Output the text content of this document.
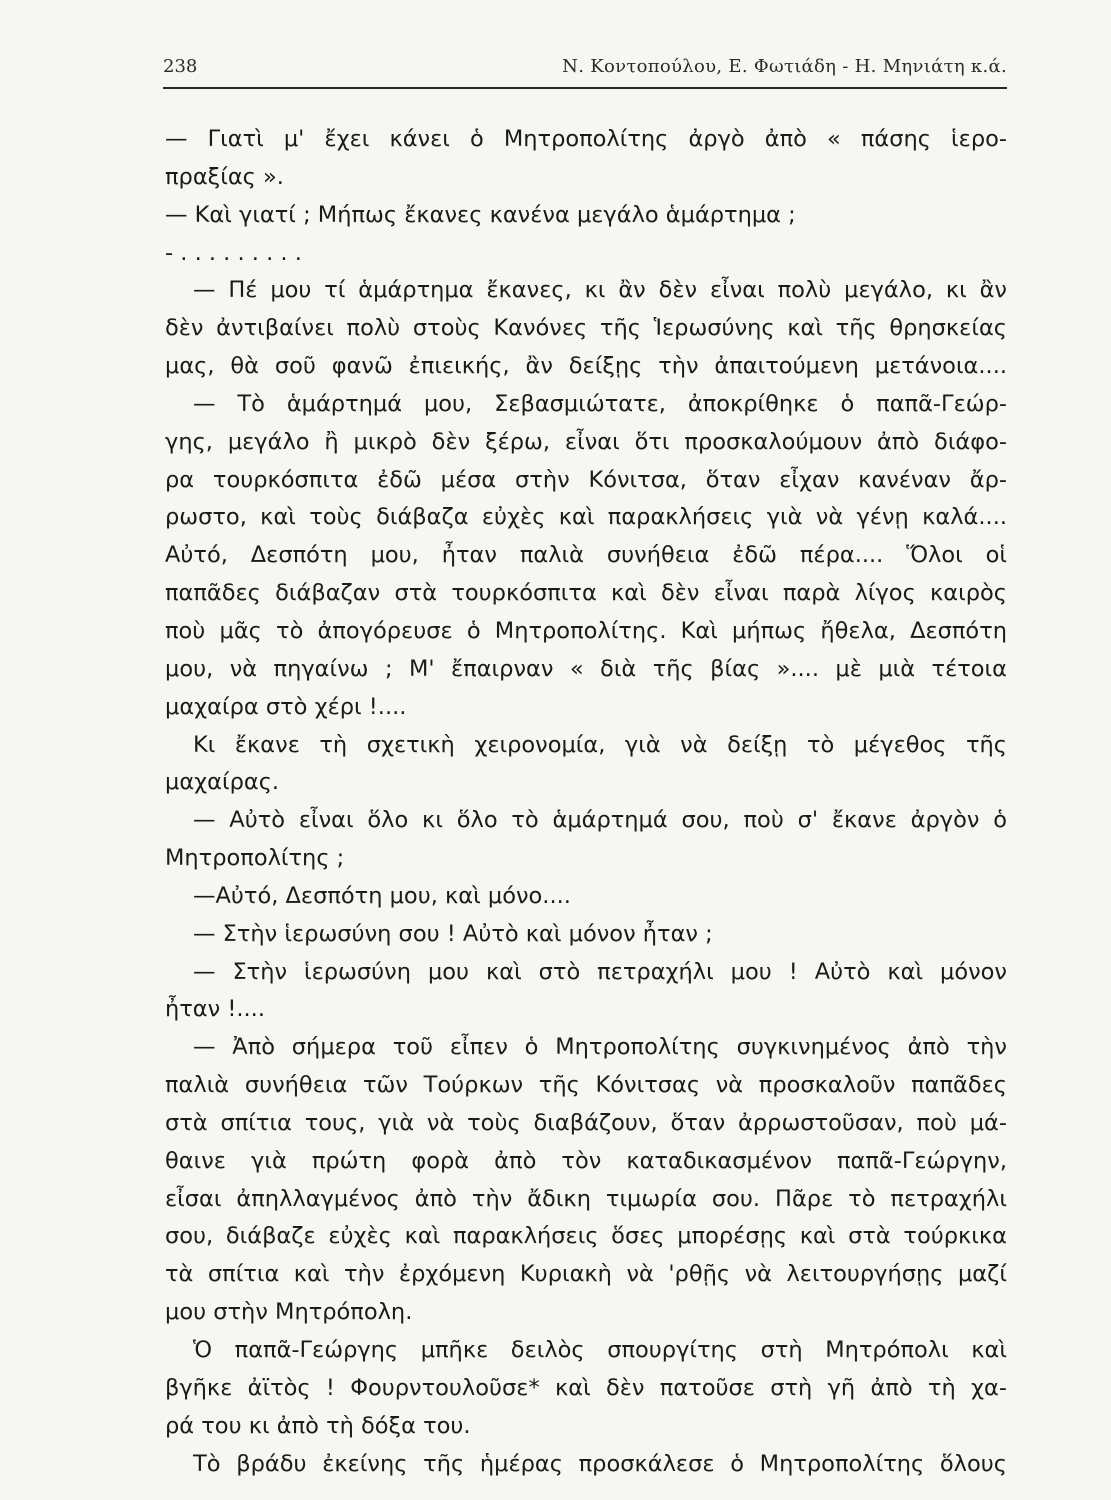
238	Ν. Κοντοπούλου, Ε. Φωτιάδη - Η. Μηνιάτη κ.ά.
— Γιατὶ μ' ἔχει κάνει ὁ Μητροπολίτης ἀργὸ ἀπὸ « πάσης ἱερο-
πραξίας ».
— Καὶ γιατί ; Μήπως ἔκανες κανένα μεγάλο ἁμάρτημα ;
- . . . . . . . . .
— Πέ μου τί ἁμάρτημα ἔκανες, κι ἂν δὲν εἶναι πολὺ μεγάλο, κι ἂν
δὲν ἀντιβαίνει πολὺ στοὺς Κανόνες τῆς Ἱερωσύνης καὶ τῆς θρησκείας
μας, θὰ σοῦ φανῶ ἐπιεικής, ἂν δείξῃς τὴν ἀπαιτούμενη μετάνοια....
— Τὸ ἁμάρτημά μου, Σεβασμιώτατε, ἀποκρίθηκε ὁ παπᾶ-Γεώρ-
γης, μεγάλο ἢ μικρὸ δὲν ξέρω, εἶναι ὅτι προσκαλούμουν ἀπὸ διάφο-
ρα τουρκόσπιτα ἐδῶ μέσα στὴν Κόνιτσα, ὅταν εἶχαν κανέναν ἄρ-
ρωστο, καὶ τοὺς διάβαζα εὐχὲς καὶ παρακλήσεις γιὰ νὰ γένῃ καλά....
Αὐτό, Δεσπότη μου, ἦταν παλιὰ συνήθεια ἐδῶ πέρα.... Ὅλοι οἱ
παπᾶδες διάβαζαν στὰ τουρκόσπιτα καὶ δὲν εἶναι παρὰ λίγος καιρὸς
ποὺ μᾶς τὸ ἀπογόρευσε ὁ Μητροπολίτης. Καὶ μήπως ἤθελα, Δεσπότη
μου, νὰ πηγαίνω ; Μ' ἔπαιρναν « διὰ τῆς βίας ».... μὲ μιὰ τέτοια
μαχαίρα στὸ χέρι !....
Κι ἔκανε τὴ σχετικὴ χειρονομία, γιὰ νὰ δείξῃ τὸ μέγεθος τῆς
μαχαίρας.
— Αὐτὸ εἶναι ὅλο κι ὅλο τὸ ἁμάρτημά σου, ποὺ σ' ἔκανε ἀργὸν ὁ
Μητροπολίτης ;
—Αὐτό, Δεσπότη μου, καὶ μόνο....
— Στὴν ἱερωσύνη σου ! Αὐτὸ καὶ μόνον ἦταν ;
— Στὴν ἱερωσύνη μου καὶ στὸ πετραχήλι μου ! Αὐτὸ καὶ μόνον
ἦταν !....
— Ἀπὸ σήμερα τοῦ εἶπεν ὁ Μητροπολίτης συγκινημένος ἀπὸ τὴν
παλιὰ συνήθεια τῶν Τούρκων τῆς Κόνιτσας νὰ προσκαλοῦν παπᾶδες
στὰ σπίτια τους, γιὰ νὰ τοὺς διαβάζουν, ὅταν ἀρρωστοῦσαν, ποὺ μά-
θαινε γιὰ πρώτη φορὰ ἀπὸ τὸν καταδικασμένον παπᾶ-Γεώργην,
εἶσαι ἀπηλλαγμένος ἀπὸ τὴν ἄδικη τιμωρία σου. Πᾶρε τὸ πετραχήλι
σου, διάβαζε εὐχὲς καὶ παρακλήσεις ὅσες μπορέσῃς καὶ στὰ τούρκικα
τὰ σπίτια καὶ τὴν ἐρχόμενη Κυριακὴ νὰ 'ρθῇς νὰ λειτουργήσῃς μαζί
μου στὴν Μητρόπολη.
Ὁ παπᾶ-Γεώργης μπῆκε δειλὸς σπουργίτης στὴ Μητρόπολι καὶ
βγῆκε ἀϊτὸς ! Φουρντουλοῦσε* καὶ δὲν πατοῦσε στὴ γῆ ἀπὸ τὴ χα-
ρά του κι ἀπὸ τὴ δόξα του.
Τὸ βράδυ ἐκείνης τῆς ἡμέρας προσκάλεσε ὁ Μητροπολίτης ὅλους
